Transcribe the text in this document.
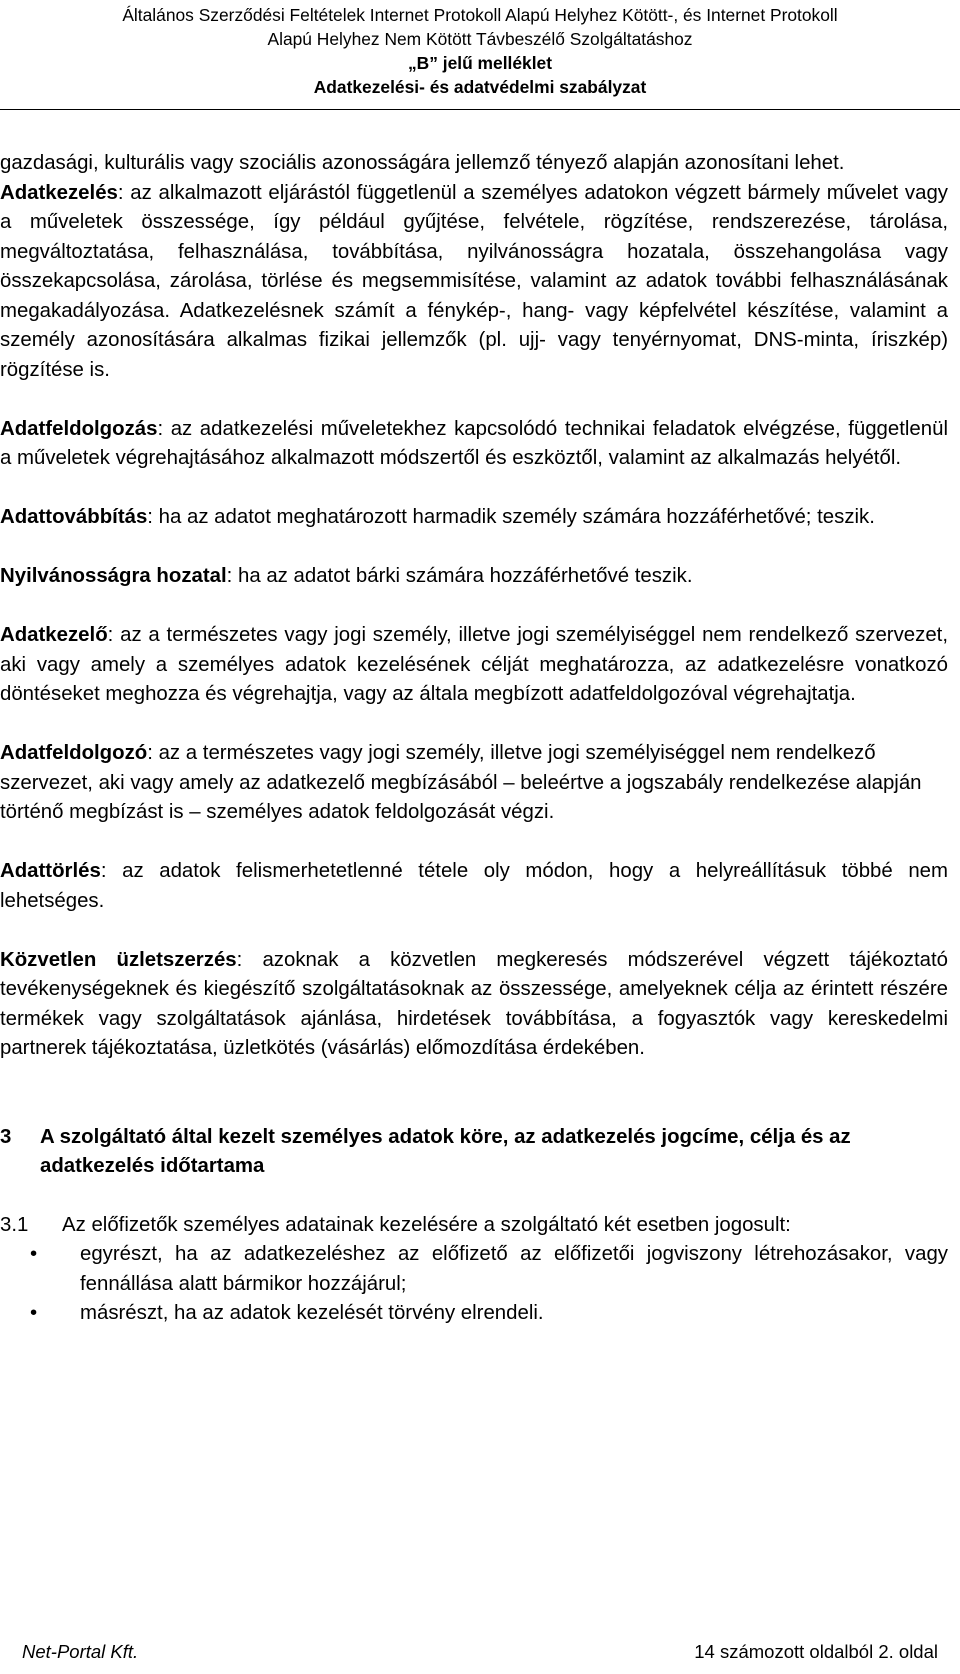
Általános Szerződési Feltételek Internet Protokoll Alapú Helyhez Kötött-, és Internet Protokoll
Alapú Helyhez Nem Kötött Távbeszélő Szolgáltatáshoz
„B” jelű melléklet
Adatkezelési- és adatvédelmi szabályzat

gazdasági, kulturális vagy szociális azonosságára jellemző tényező alapján azonosítani lehet.

Adatkezelés: az alkalmazott eljárástól függetlenül a személyes adatokon végzett bármely művelet vagy a műveletek összessége, így például gyűjtése, felvétele, rögzítése, rendszerezése, tárolása, megváltoztatása, felhasználása, továbbítása, nyilvánosságra hozatala, összehangolása vagy összekapcsolása, zárolása, törlése és megsemmisítése, valamint az adatok további felhasználásának megakadályozása. Adatkezelésnek számít a fénykép-, hang- vagy képfelvétel készítése, valamint a személy azonosítására alkalmas fizikai jellemzők (pl. ujj- vagy tenyérnyomat, DNS-minta, íriszkép) rögzítése is.

Adatfeldolgozás: az adatkezelési műveletekhez kapcsolódó technikai feladatok elvégzése, függetlenül a műveletek végrehajtásához alkalmazott módszertől és eszköztől, valamint az alkalmazás helyétől.

Adattovábbítás: ha az adatot meghatározott harmadik személy számára hozzáférhetővé; teszik.

Nyilvánosságra hozatal: ha az adatot bárki számára hozzáférhetővé teszik.

Adatkezelő: az a természetes vagy jogi személy, illetve jogi személyiséggel nem rendelkező szervezet, aki vagy amely a személyes adatok kezelésének célját meghatározza, az adatkezelésre vonatkozó döntéseket meghozza és végrehajtja, vagy az általa megbízott adatfeldolgozóval végrehajtatja.

Adatfeldolgozó: az a természetes vagy jogi személy, illetve jogi személyiséggel nem rendelkező szervezet, aki vagy amely az adatkezelő megbízásából – beleértve a jogszabály rendelkezése alapján történő megbízást is – személyes adatok feldolgozását végzi.

Adattörlés: az adatok felismerhetetlenné tétele oly módon, hogy a helyreállításuk többé nem lehetséges.

Közvetlen üzletszerzés: azoknak a közvetlen megkeresés módszerével végzett tájékoztató tevékenységeknek és kiegészítő szolgáltatásoknak az összessége, amelyeknek célja az érintett részére termékek vagy szolgáltatások ajánlása, hirdetések továbbítása, a fogyasztók vagy kereskedelmi partnerek tájékoztatása, üzletkötés (vásárlás) előmozdítása érdekében.

3	A szolgáltató által kezelt személyes adatok köre, az adatkezelés jogcíme, célja és az adatkezelés időtartama
3.1	Az előfizetők személyes adatainak kezelésére a szolgáltató két esetben jogosult:
•	egyrészt, ha az adatkezeléshez az előfizető az előfizetői jogviszony létrehozásakor, vagy fennállása alatt bármikor hozzájárul;
•	másrészt, ha az adatok kezelését törvény elrendeli.
Net-Portal Kft.	14 számozott oldalból 2. oldal
